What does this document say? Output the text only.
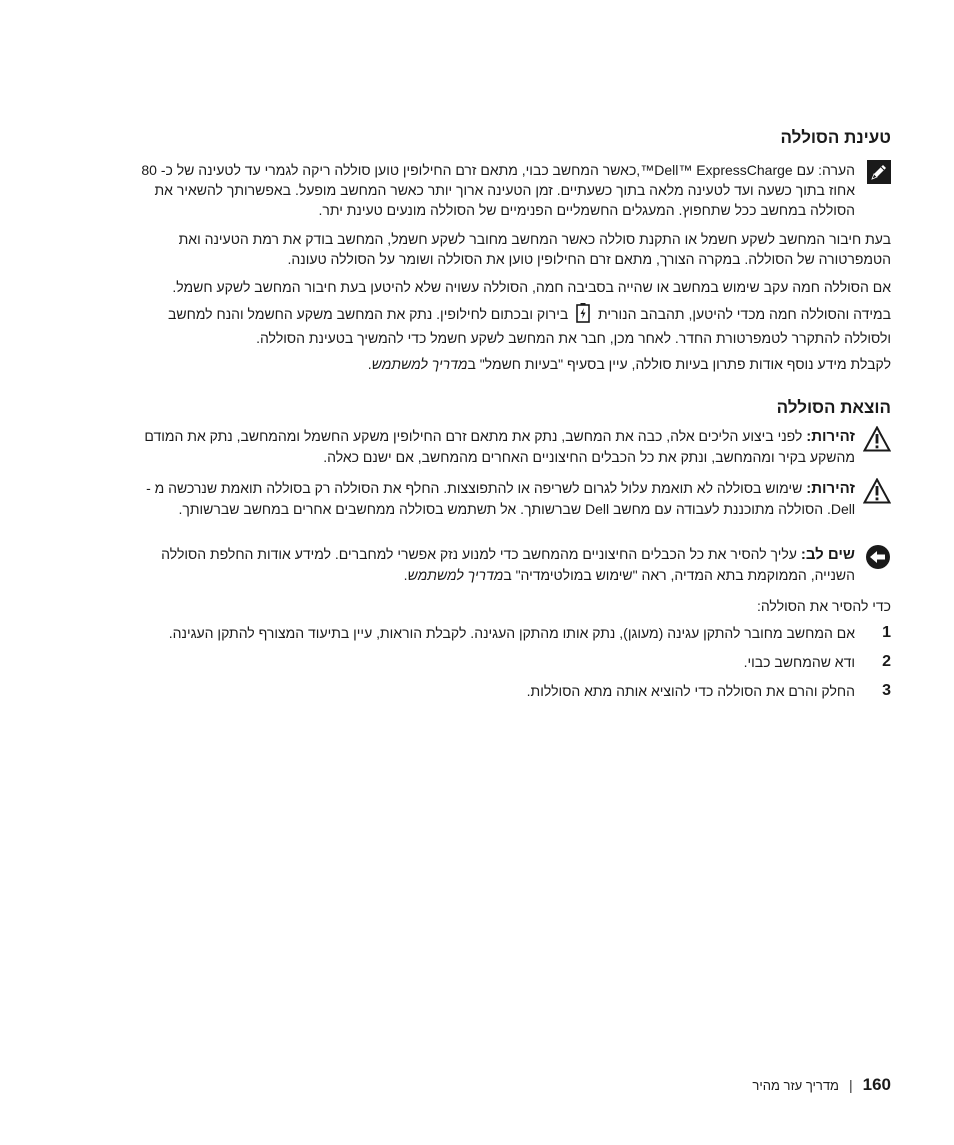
טעינת הסוללה

הערה: עם Dell™ ExpressCharge™,כאשר המחשב כבוי, מתאם זרם החילופין טוען סוללה ריקה לגמרי עד לטעינה של כ- 80 אחוז בתוך כשעה ועד לטעינה מלאה בתוך כשעתיים. זמן הטעינה ארוך יותר כאשר המחשב מופעל. באפשרותך להשאיר את הסוללה במחשב ככל שתחפוץ. המעגלים החשמליים הפנימיים של הסוללה מונעים טעינת יתר.

בעת חיבור המחשב לשקע חשמל או התקנת סוללה כאשר המחשב מחובר לשקע חשמל, המחשב בודק את רמת הטעינה ואת הטמפרטורה של הסוללה. במקרה הצורך, מתאם זרם החילופין טוען את הסוללה ושומר על הסוללה טעונה.

אם הסוללה חמה עקב שימוש במחשב או שהייה בסביבה חמה, הסוללה עשויה שלא להיטען בעת חיבור המחשב לשקע חשמל.

במידה והסוללה חמה מכדי להיטען, תהבהב הנורית  בירוק ובכתום לחילופין. נתק את המחשב משקע החשמל והנח למחשב ולסוללה להתקרר לטמפרטורת החדר. לאחר מכן, חבר את המחשב לשקע חשמל כדי להמשיך בטעינת הסוללה.

לקבלת מידע נוסף אודות פתרון בעיות סוללה, עיין בסעיף "בעיות חשמל" במדריך למשתמש.

הוצאת הסוללה

זהירות: לפני ביצוע הליכים אלה, כבה את המחשב, נתק את מתאם זרם החילופין משקע החשמל ומהמחשב, נתק את המודם מהשקע בקיר ומהמחשב, ונתק את כל הכבלים החיצוניים האחרים מהמחשב, אם ישנם כאלה.

זהירות: שימוש בסוללה לא תואמת עלול לגרום לשריפה או להתפוצצות. החלף את הסוללה רק בסוללה תואמת שנרכשה מ - Dell. הסוללה מתוכננת לעבודה עם מחשב Dell שברשותך. אל תשתמש בסוללה ממחשבים אחרים במחשב שברשותך.

שים לב: עליך להסיר את כל הכבלים החיצוניים מהמחשב כדי למנוע נזק אפשרי למחברים. למידע אודות החלפת הסוללה השנייה, הממוקמת בתא המדיה, ראה "שימוש במולטימדיה" במדריך למשתמש.

כדי להסיר את הסוללה:

1
אם המחשב מחובר להתקן עגינה (מעוגן), נתק אותו מהתקן העגינה. לקבלת הוראות, עיין בתיעוד המצורף להתקן העגינה.
2
ודא שהמחשב כבוי.
3
החלק והרם את הסוללה כדי להוציא אותה מתא הסוללות.
160|מדריך עזר מהיר
